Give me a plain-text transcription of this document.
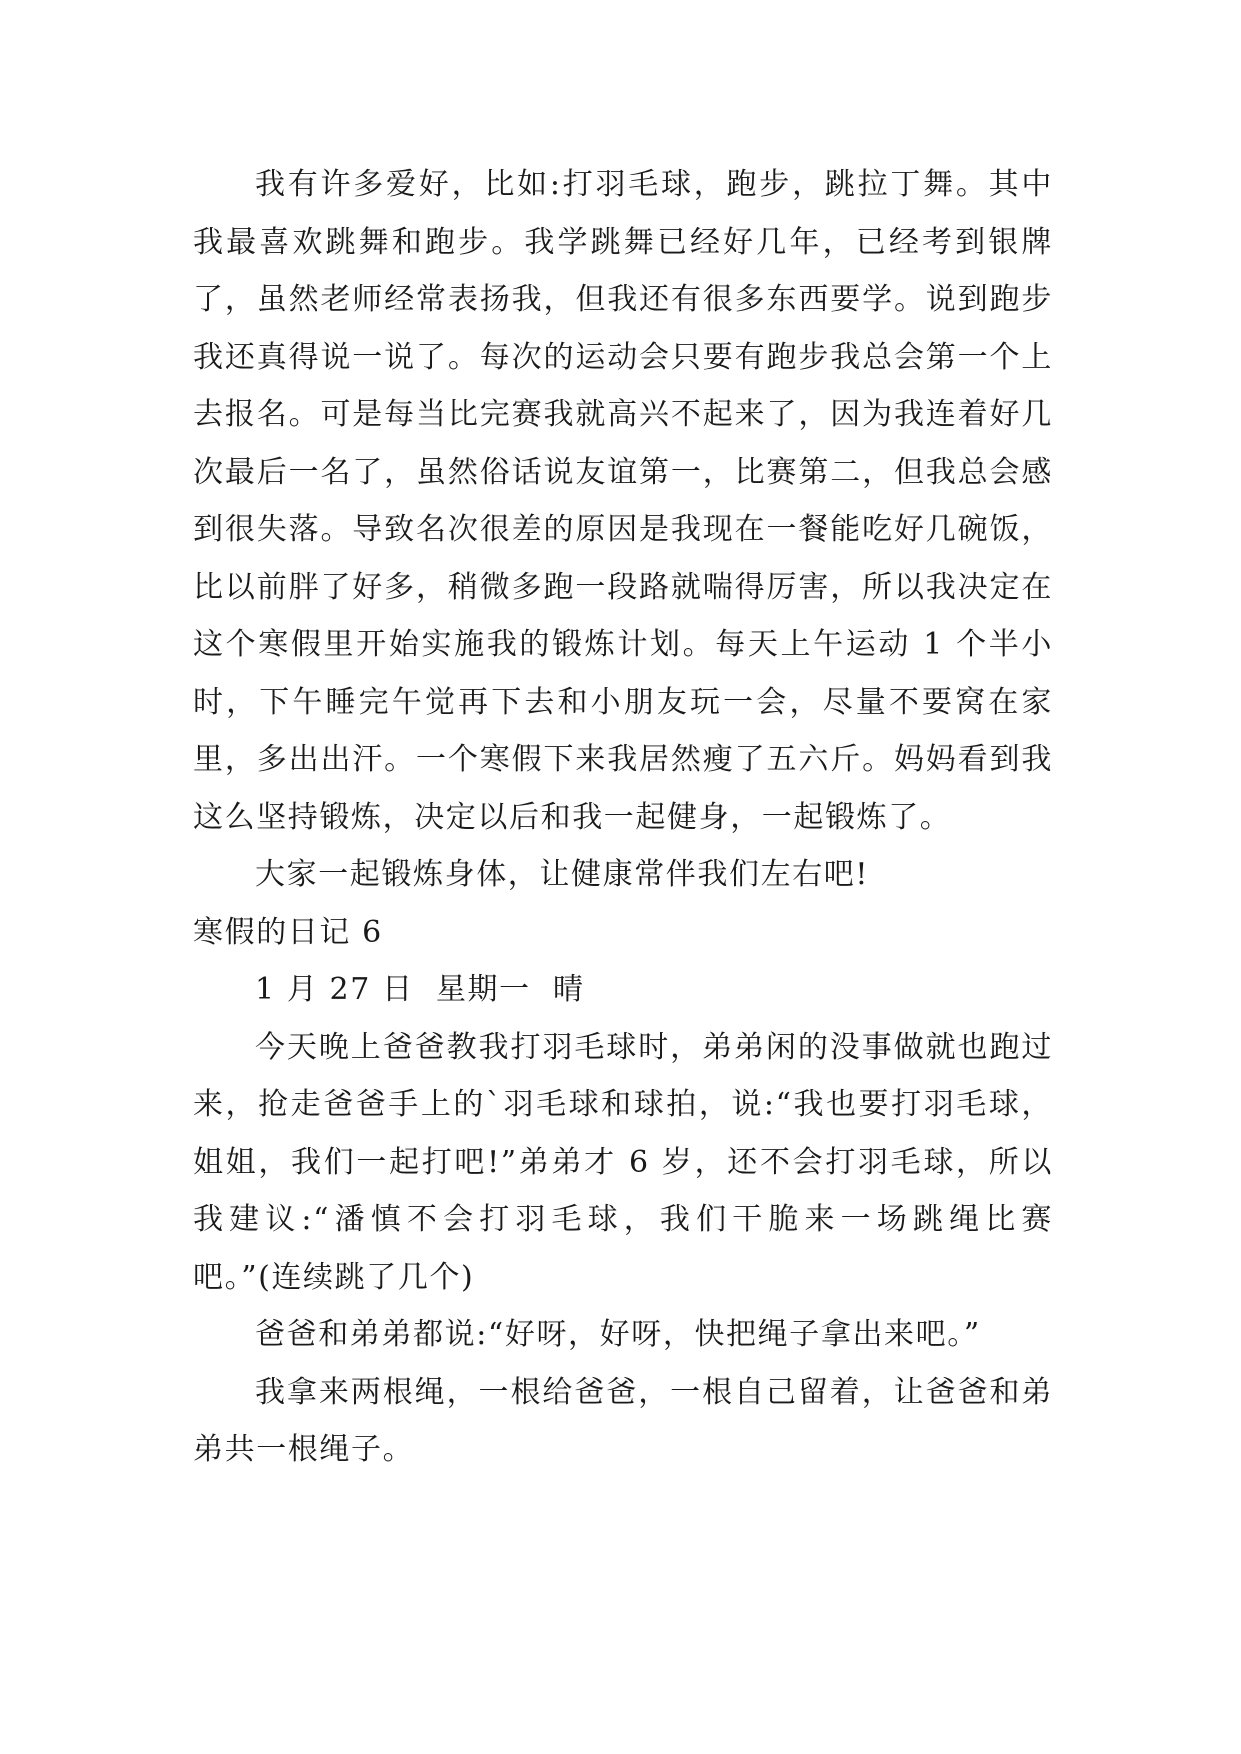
我有许多爱好，比如:打羽毛球，跑步，跳拉丁舞。其中我最喜欢跳舞和跑步。我学跳舞已经好几年，已经考到银牌了，虽然老师经常表扬我，但我还有很多东西要学。说到跑步我还真得说一说了。每次的运动会只要有跑步我总会第一个上去报名。可是每当比完赛我就高兴不起来了，因为我连着好几次最后一名了，虽然俗话说友谊第一，比赛第二，但我总会感到很失落。导致名次很差的原因是我现在一餐能吃好几碗饭，比以前胖了好多，稍微多跑一段路就喘得厉害，所以我决定在这个寒假里开始实施我的锻炼计划。每天上午运动 1 个半小时，下午睡完午觉再下去和小朋友玩一会，尽量不要窝在家里，多出出汗。一个寒假下来我居然瘦了五六斤。妈妈看到我这么坚持锻炼，决定以后和我一起健身，一起锻炼了。

大家一起锻炼身体，让健康常伴我们左右吧!

寒假的日记 6

1 月 27 日  星期一  晴

今天晚上爸爸教我打羽毛球时，弟弟闲的没事做就也跑过来，抢走爸爸手上的`羽毛球和球拍，说:“我也要打羽毛球，姐姐，我们一起打吧!”弟弟才 6 岁，还不会打羽毛球，所以我建议:“潘慎不会打羽毛球，我们干脆来一场跳绳比赛吧。”(连续跳了几个)

爸爸和弟弟都说:“好呀，好呀，快把绳子拿出来吧。”

我拿来两根绳，一根给爸爸，一根自己留着，让爸爸和弟弟共一根绳子。
